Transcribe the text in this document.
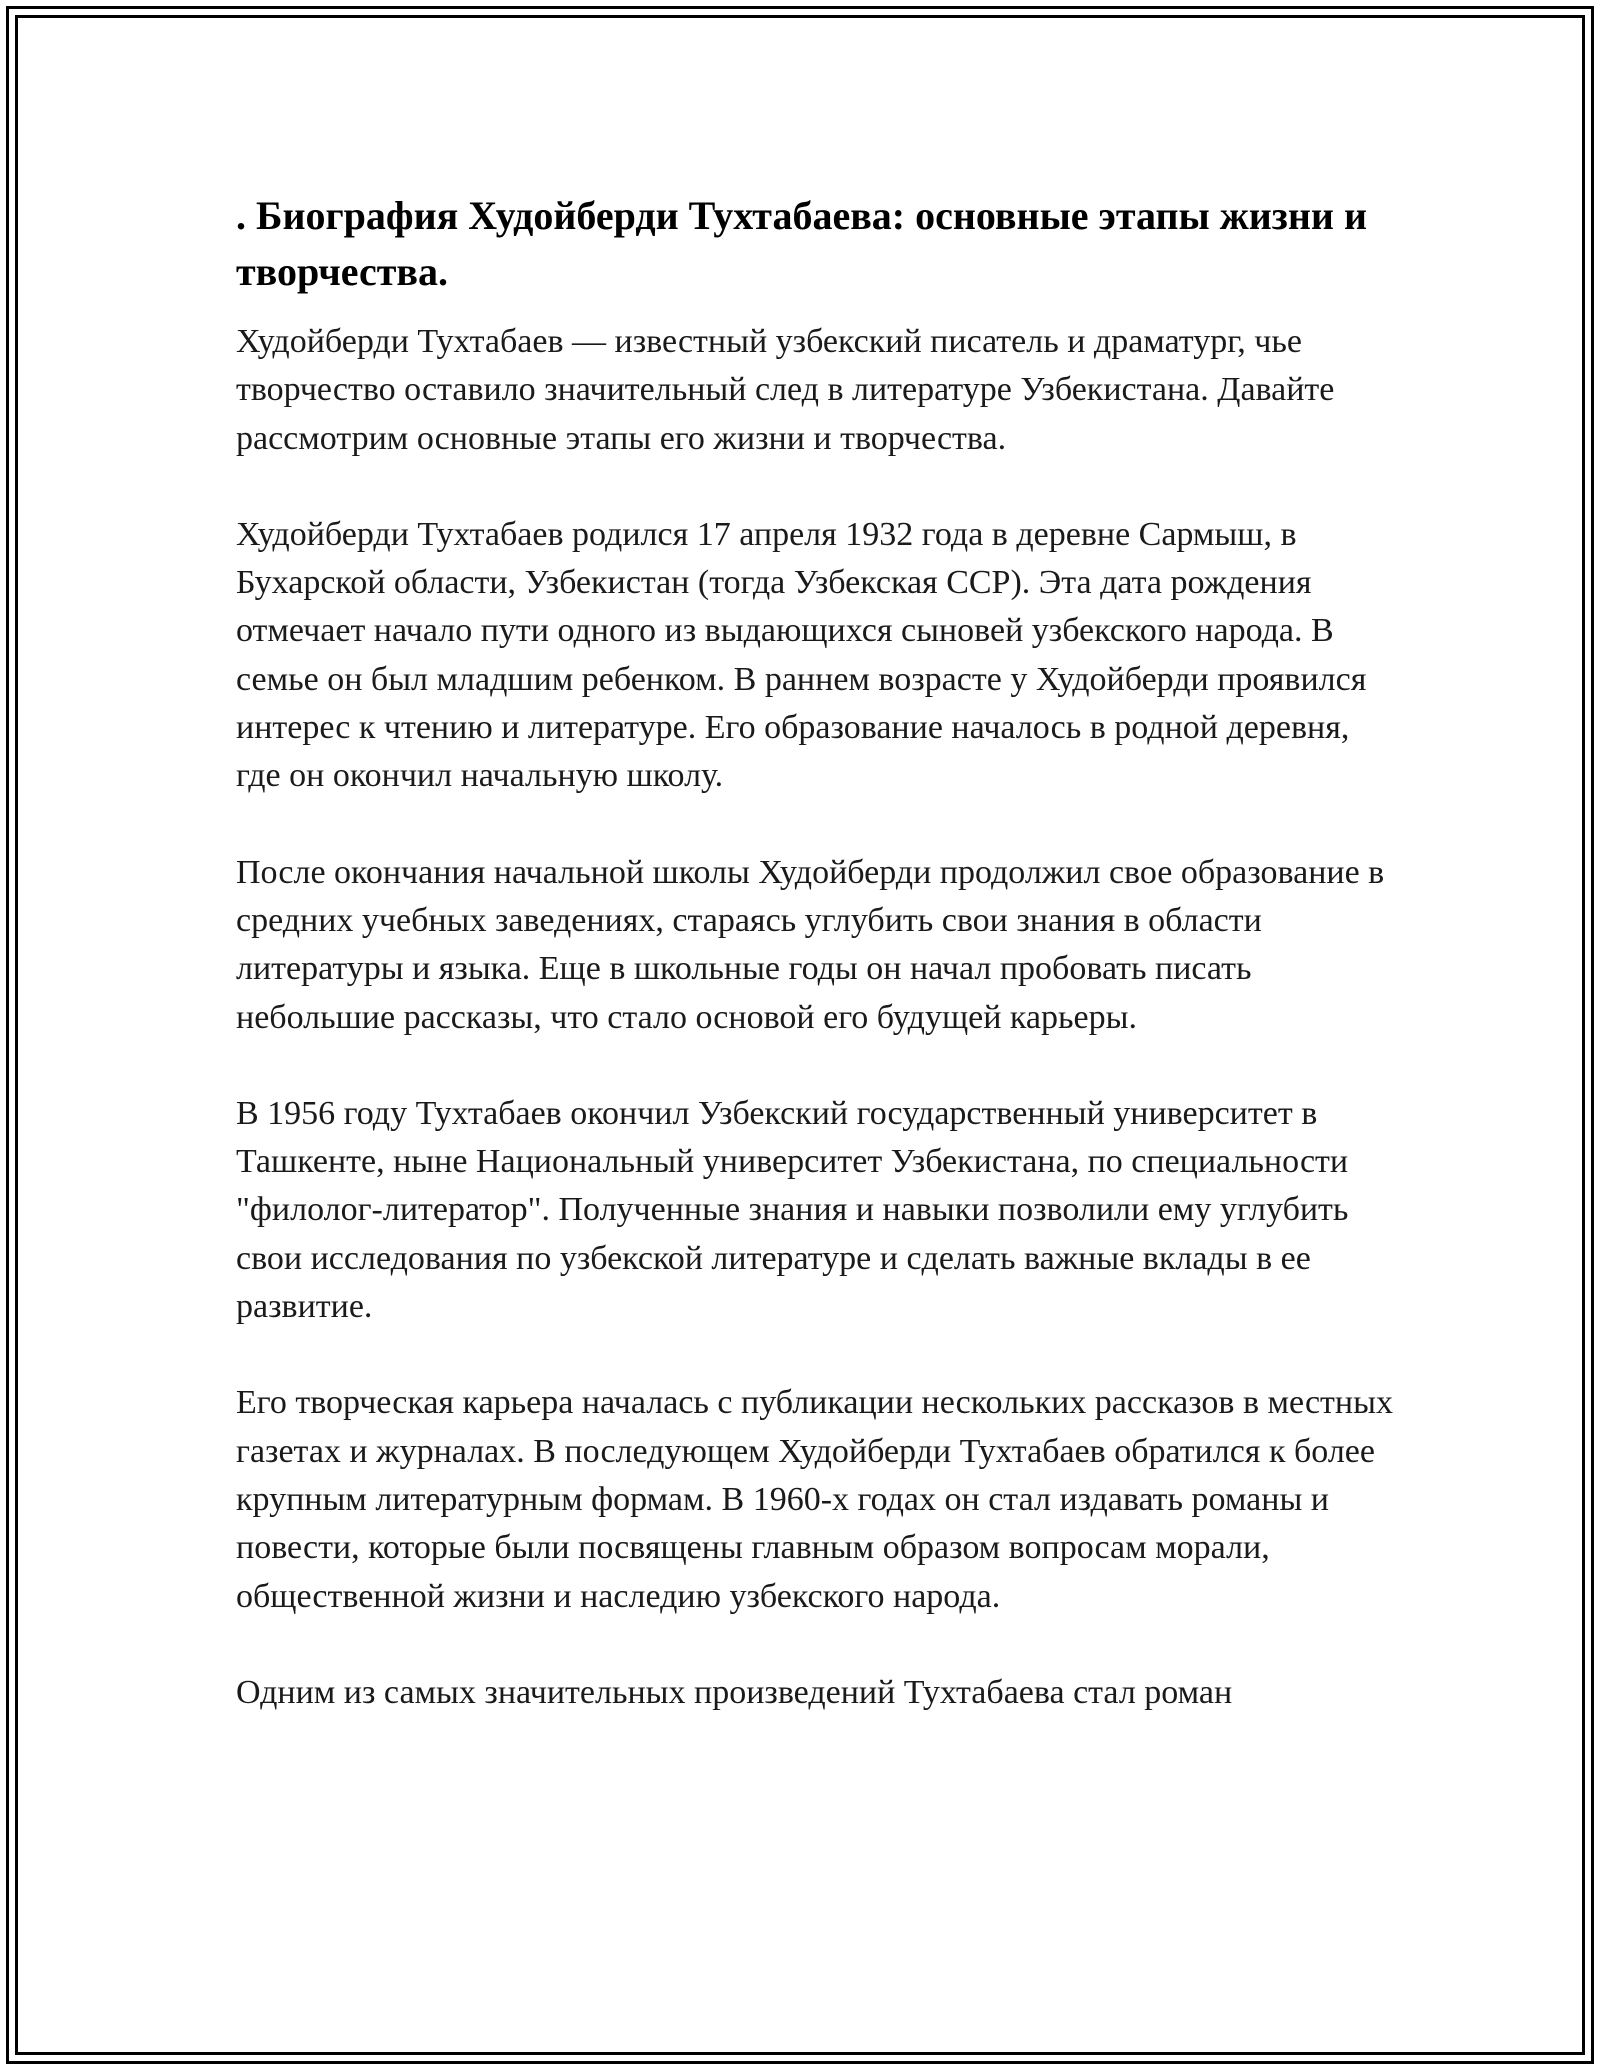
. Биография Худойберди Тухтабаева: основные этапы жизни и творчества.

Худойберди Тухтабаев — известный узбекский писатель и драматург, чье творчество оставило значительный след в литературе Узбекистана. Давайте рассмотрим основные этапы его жизни и творчества.

Худойберди Тухтабаев родился 17 апреля 1932 года в деревне Сармыш, в Бухарской области, Узбекистан (тогда Узбекская ССР). Эта дата рождения отмечает начало пути одного из выдающихся сыновей узбекского народа. В семье он был младшим ребенком. В раннем возрасте у Худойберди проявился интерес к чтению и литературе. Его образование началось в родной деревня, где он окончил начальную школу.

После окончания начальной школы Худойберди продолжил свое образование в средних учебных заведениях, стараясь углубить свои знания в области литературы и языка. Еще в школьные годы он начал пробовать писать небольшие рассказы, что стало основой его будущей карьеры.

В 1956 году Тухтабаев окончил Узбекский государственный университет в Ташкенте, ныне Национальный университет Узбекистана, по специальности "филолог-литератор". Полученные знания и навыки позволили ему углубить свои исследования по узбекской литературе и сделать важные вклады в ее развитие.

Его творческая карьера началась с публикации нескольких рассказов в местных газетах и журналах. В последующем Худойберди Тухтабаев обратился к более крупным литературным формам. В 1960-х годах он стал издавать романы и повести, которые были посвящены главным образом вопросам морали, общественной жизни и наследию узбекского народа.

Одним из самых значительных произведений Тухтабаева стал роман
